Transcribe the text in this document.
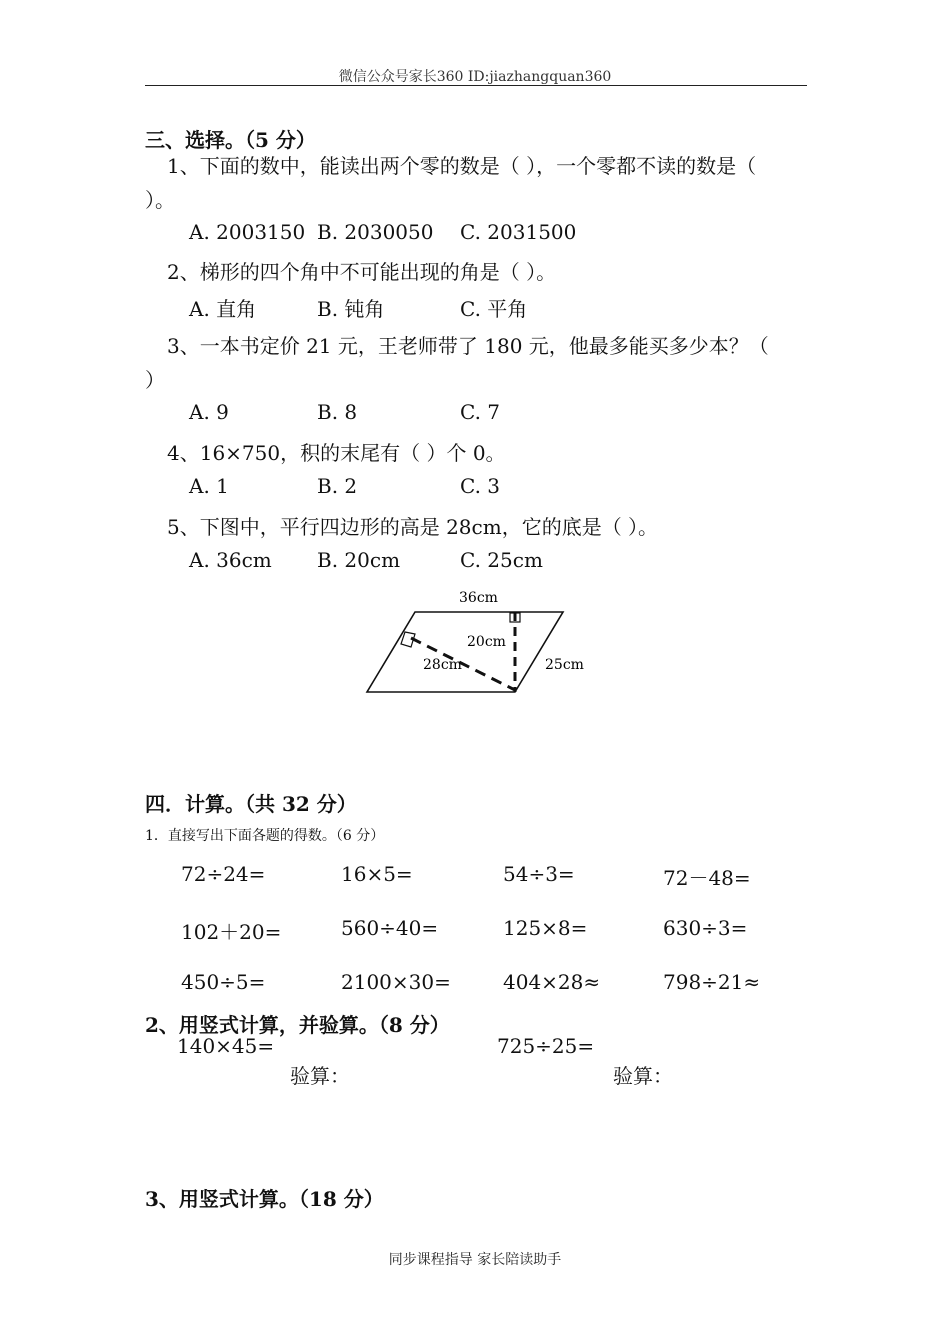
微信公众号家长360 ID:jiazhangquan360
三、选择。（5 分）
1、下面的数中，能读出两个零的数是（ ），一个零都不读的数是（
）。
A. 2003150 B. 2030050 C. 2031500
2、梯形的四个角中不可能出现的角是（ ）。
A. 直角	B. 钝角	C. 平角
3、一本书定价 21 元，王老师带了 180 元，他最多能买多少本？（
）
A. 9	B. 8	C. 7
4、16×750，积的末尾有（ ）个 0。
A. 1	B. 2	C. 3
5、下图中，平行四边形的高是 28cm，它的底是（ ）。
A. 36cm B. 20cm	C. 25cm
36cm
20cm
28cm	25cm
四．计算。（共 32 分）
1．直接写出下面各题的得数。（6 分）
72÷24=	16×5=	54÷3=	72－48=
102＋20=	560÷40=	125×8=	630÷3=
450÷5=	2100×30=	404×28≈	798÷21≈
2、用竖式计算，并验算。（8 分）
140×45=	725÷25=
验算：	验算：
3、用竖式计算。（18 分）
同步课程指导 家长陪读助手
